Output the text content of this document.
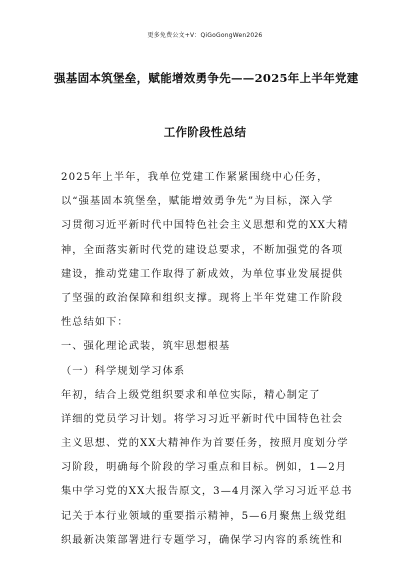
更多免费公文+V：QiGoGongWen2026
强基固本筑堡垒，赋能增效勇争先——2025年上半年党建
工作阶段性总结
2025年上半年，我单位党建工作紧紧围绕中心任务，
以“强基固本筑堡垒，赋能增效勇争先”为目标，深入学
习贯彻习近平新时代中国特色社会主义思想和党的XX大精
神，全面落实新时代党的建设总要求，不断加强党的各项
建设，推动党建工作取得了新成效，为单位事业发展提供
了坚强的政治保障和组织支撑。现将上半年党建工作阶段
性总结如下：
一、强化理论武装，筑牢思想根基
（一）科学规划学习体系
年初，结合上级党组织要求和单位实际，精心制定了
详细的党员学习计划。将学习习近平新时代中国特色社会
主义思想、党的XX大精神作为首要任务，按照月度划分学
习阶段，明确每个阶段的学习重点和目标。例如，1—2月
集中学习党的XX大报告原文，3—4月深入学习习近平总书
记关于本行业领域的重要指示精神，5—6月聚焦上级党组
织最新决策部署进行专题学习，确保学习内容的系统性和
